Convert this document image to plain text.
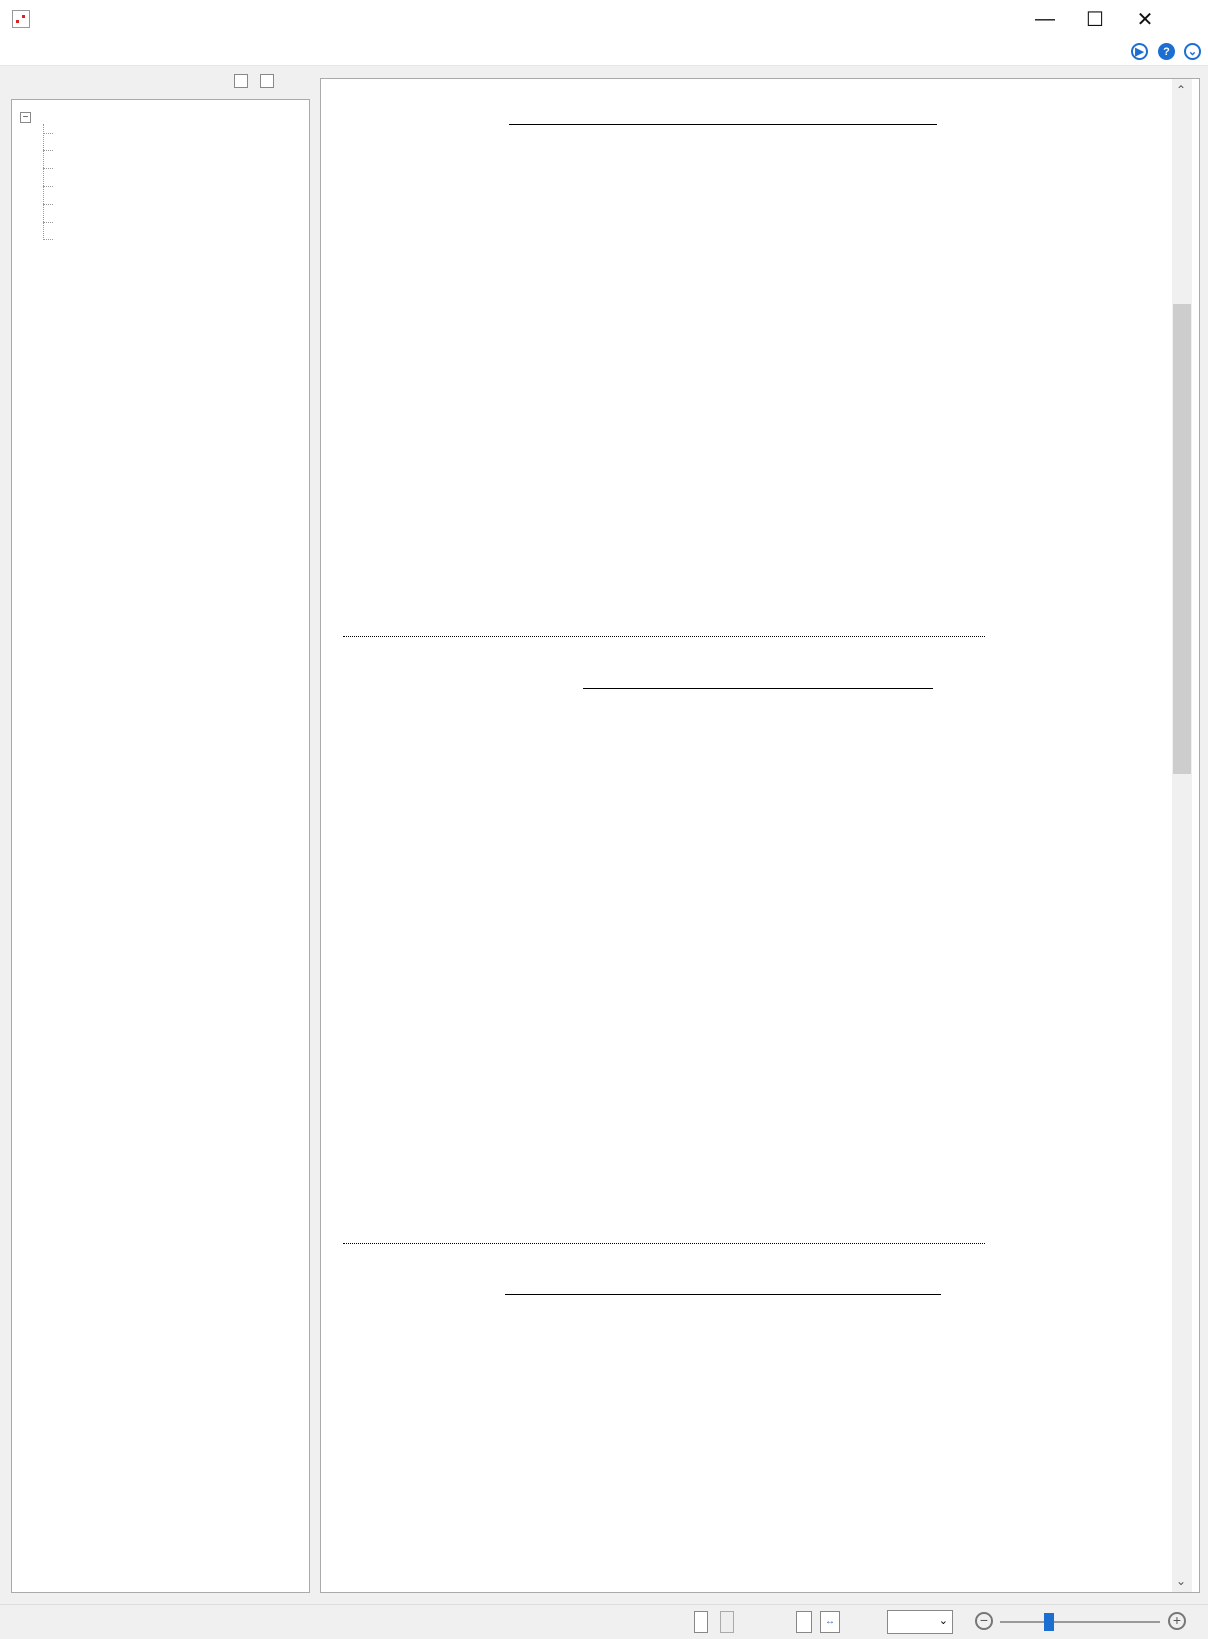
—	☐	✕
▶	?	⌄
−
⌃
⌄
↔	⌄	−	+
